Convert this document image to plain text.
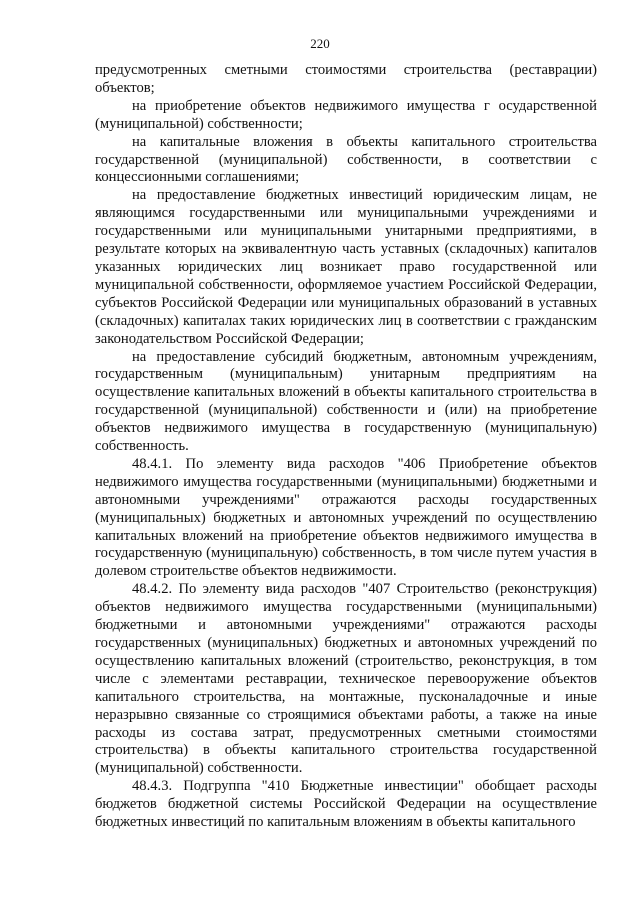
220

предусмотренных сметными стоимостями строительства (реставрации) объектов;

на приобретение объектов недвижимого имущества г осударственной (муниципальной) собственности;

на капитальные вложения в объекты капитального строительства государственной (муниципальной) собственности, в соответствии с концессионными соглашениями;

на предоставление бюджетных инвестиций юридическим лицам, не являющимся государственными или муниципальными учреждениями и государственными или муниципальными унитарными предприятиями, в результате которых на эквивалентную часть уставных (складочных) капиталов указанных юридических лиц возникает право государственной или муниципальной собственности, оформляемое участием Российской Федерации, субъектов Российской Федерации или муниципальных образований в уставных (складочных) капиталах таких юридических лиц в соответствии с гражданским законодательством Российской Федерации;

на предоставление субсидий бюджетным, автономным учреждениям, государственным (муниципальным) унитарным предприятиям на осуществление капитальных вложений в объекты капитального строительства в государственной (муниципальной) собственности и (или) на приобретение объектов недвижимого имущества в государственную (муниципальную) собственность.

48.4.1. По элементу вида расходов "406 Приобретение объектов недвижимого имущества государственными (муниципальными) бюджетными и автономными учреждениями" отражаются расходы государственных (муниципальных) бюджетных и автономных учреждений по осуществлению капитальных вложений на приобретение объектов недвижимого имущества в государственную (муниципальную) собственность, в том числе путем участия в долевом строительстве объектов недвижимости.

48.4.2. По элементу вида расходов "407 Строительство (реконструкция) объектов недвижимого имущества государственными (муниципальными) бюджетными и автономными учреждениями" отражаются расходы государственных (муниципальных) бюджетных и автономных учреждений по осуществлению капитальных вложений (строительство, реконструкция, в том числе с элементами реставрации, техническое перевооружение объектов капитального строительства, на монтажные, пусконаладочные и иные неразрывно связанные со строящимися объектами работы, а также на иные расходы из состава затрат, предусмотренных сметными стоимостями строительства) в объекты капитального строительства государственной (муниципальной) собственности.

48.4.3. Подгруппа "410 Бюджетные инвестиции" обобщает расходы бюджетов бюджетной системы Российской Федерации на осуществление бюджетных инвестиций по капитальным вложениям в объекты капитального
